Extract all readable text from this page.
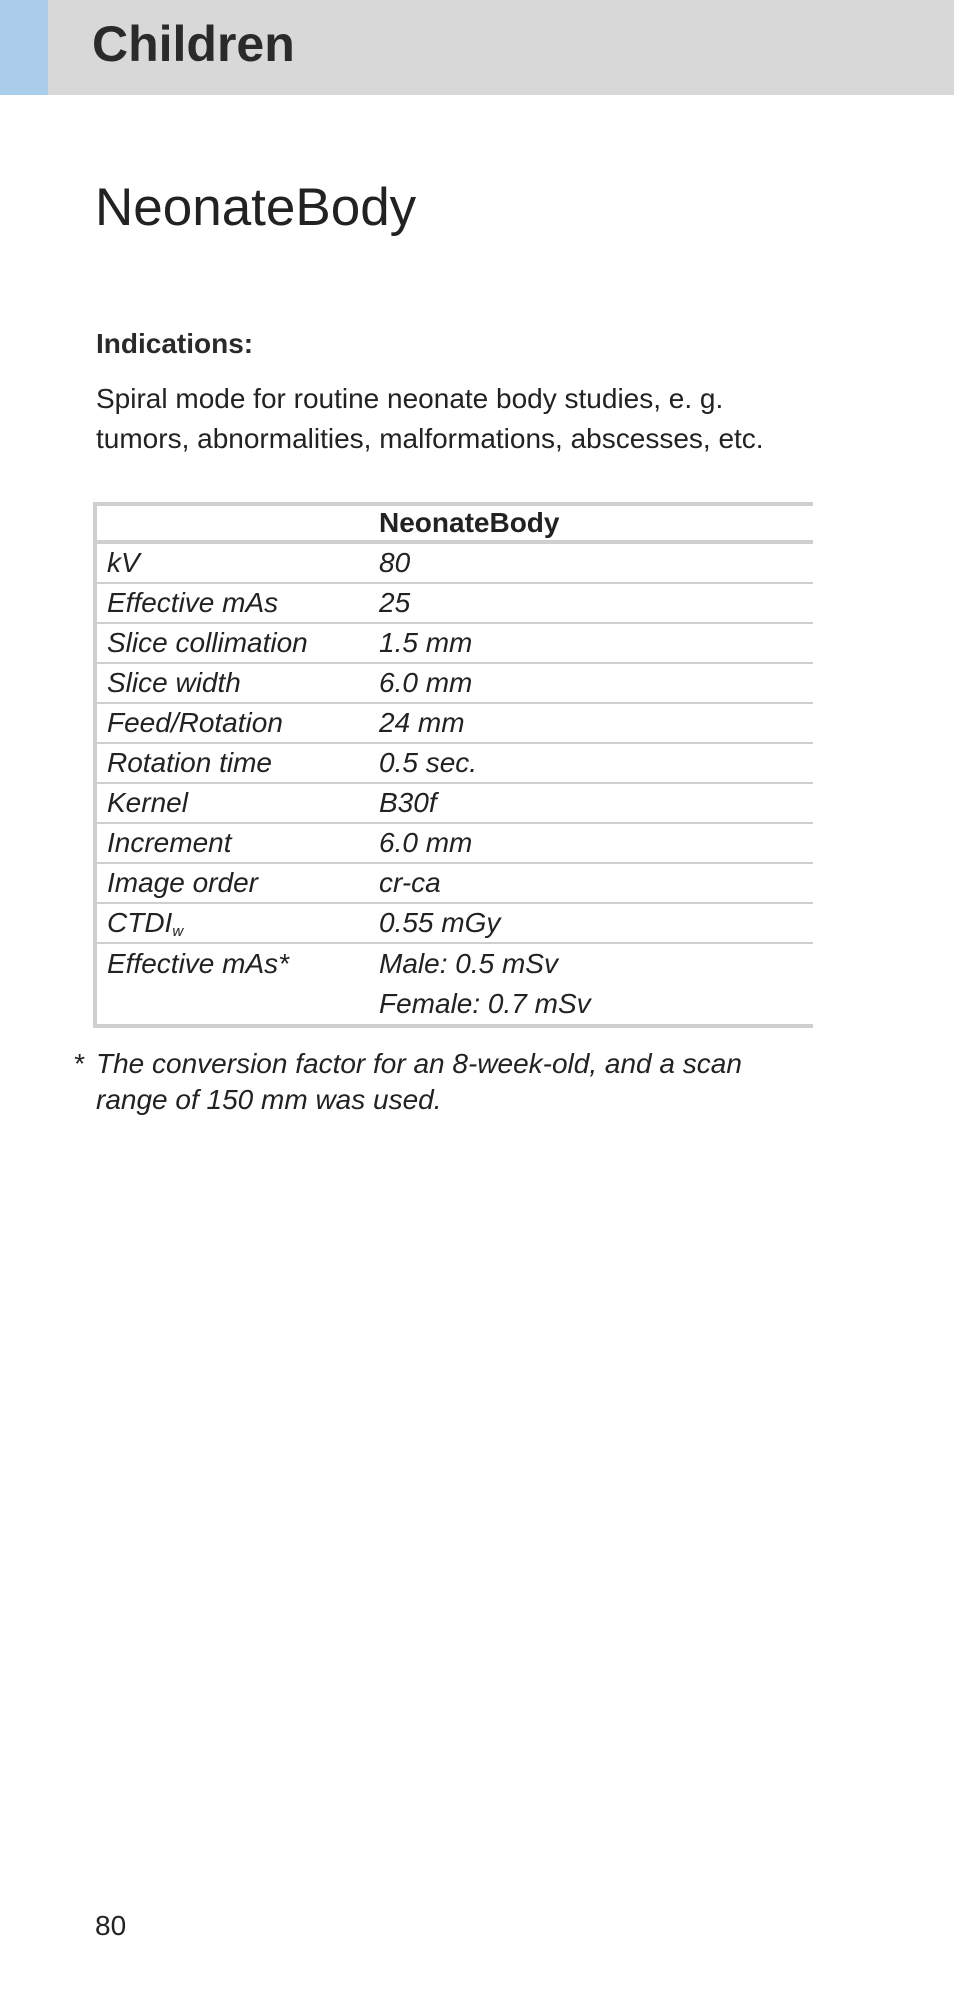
Children
NeonateBody
Indications:

Spiral mode for routine neonate body studies, e. g.
tumors, abnormalities, malformations, abscesses, etc.

	NeonateBody
kV	80
Effective mAs	25
Slice collimation	1.5 mm
Slice width	6.0 mm
Feed/Rotation	24 mm
Rotation time	0.5 sec.
Kernel	B30f
Increment	6.0 mm
Image order	cr-ca
$CTDI_w$	0.55 mGy
Effective mAs*	Male: 0.5 mSv
Female: 0.7 mSv
* The conversion factor for an 8-week-old, and a scan
range of 150 mm was used.

80
